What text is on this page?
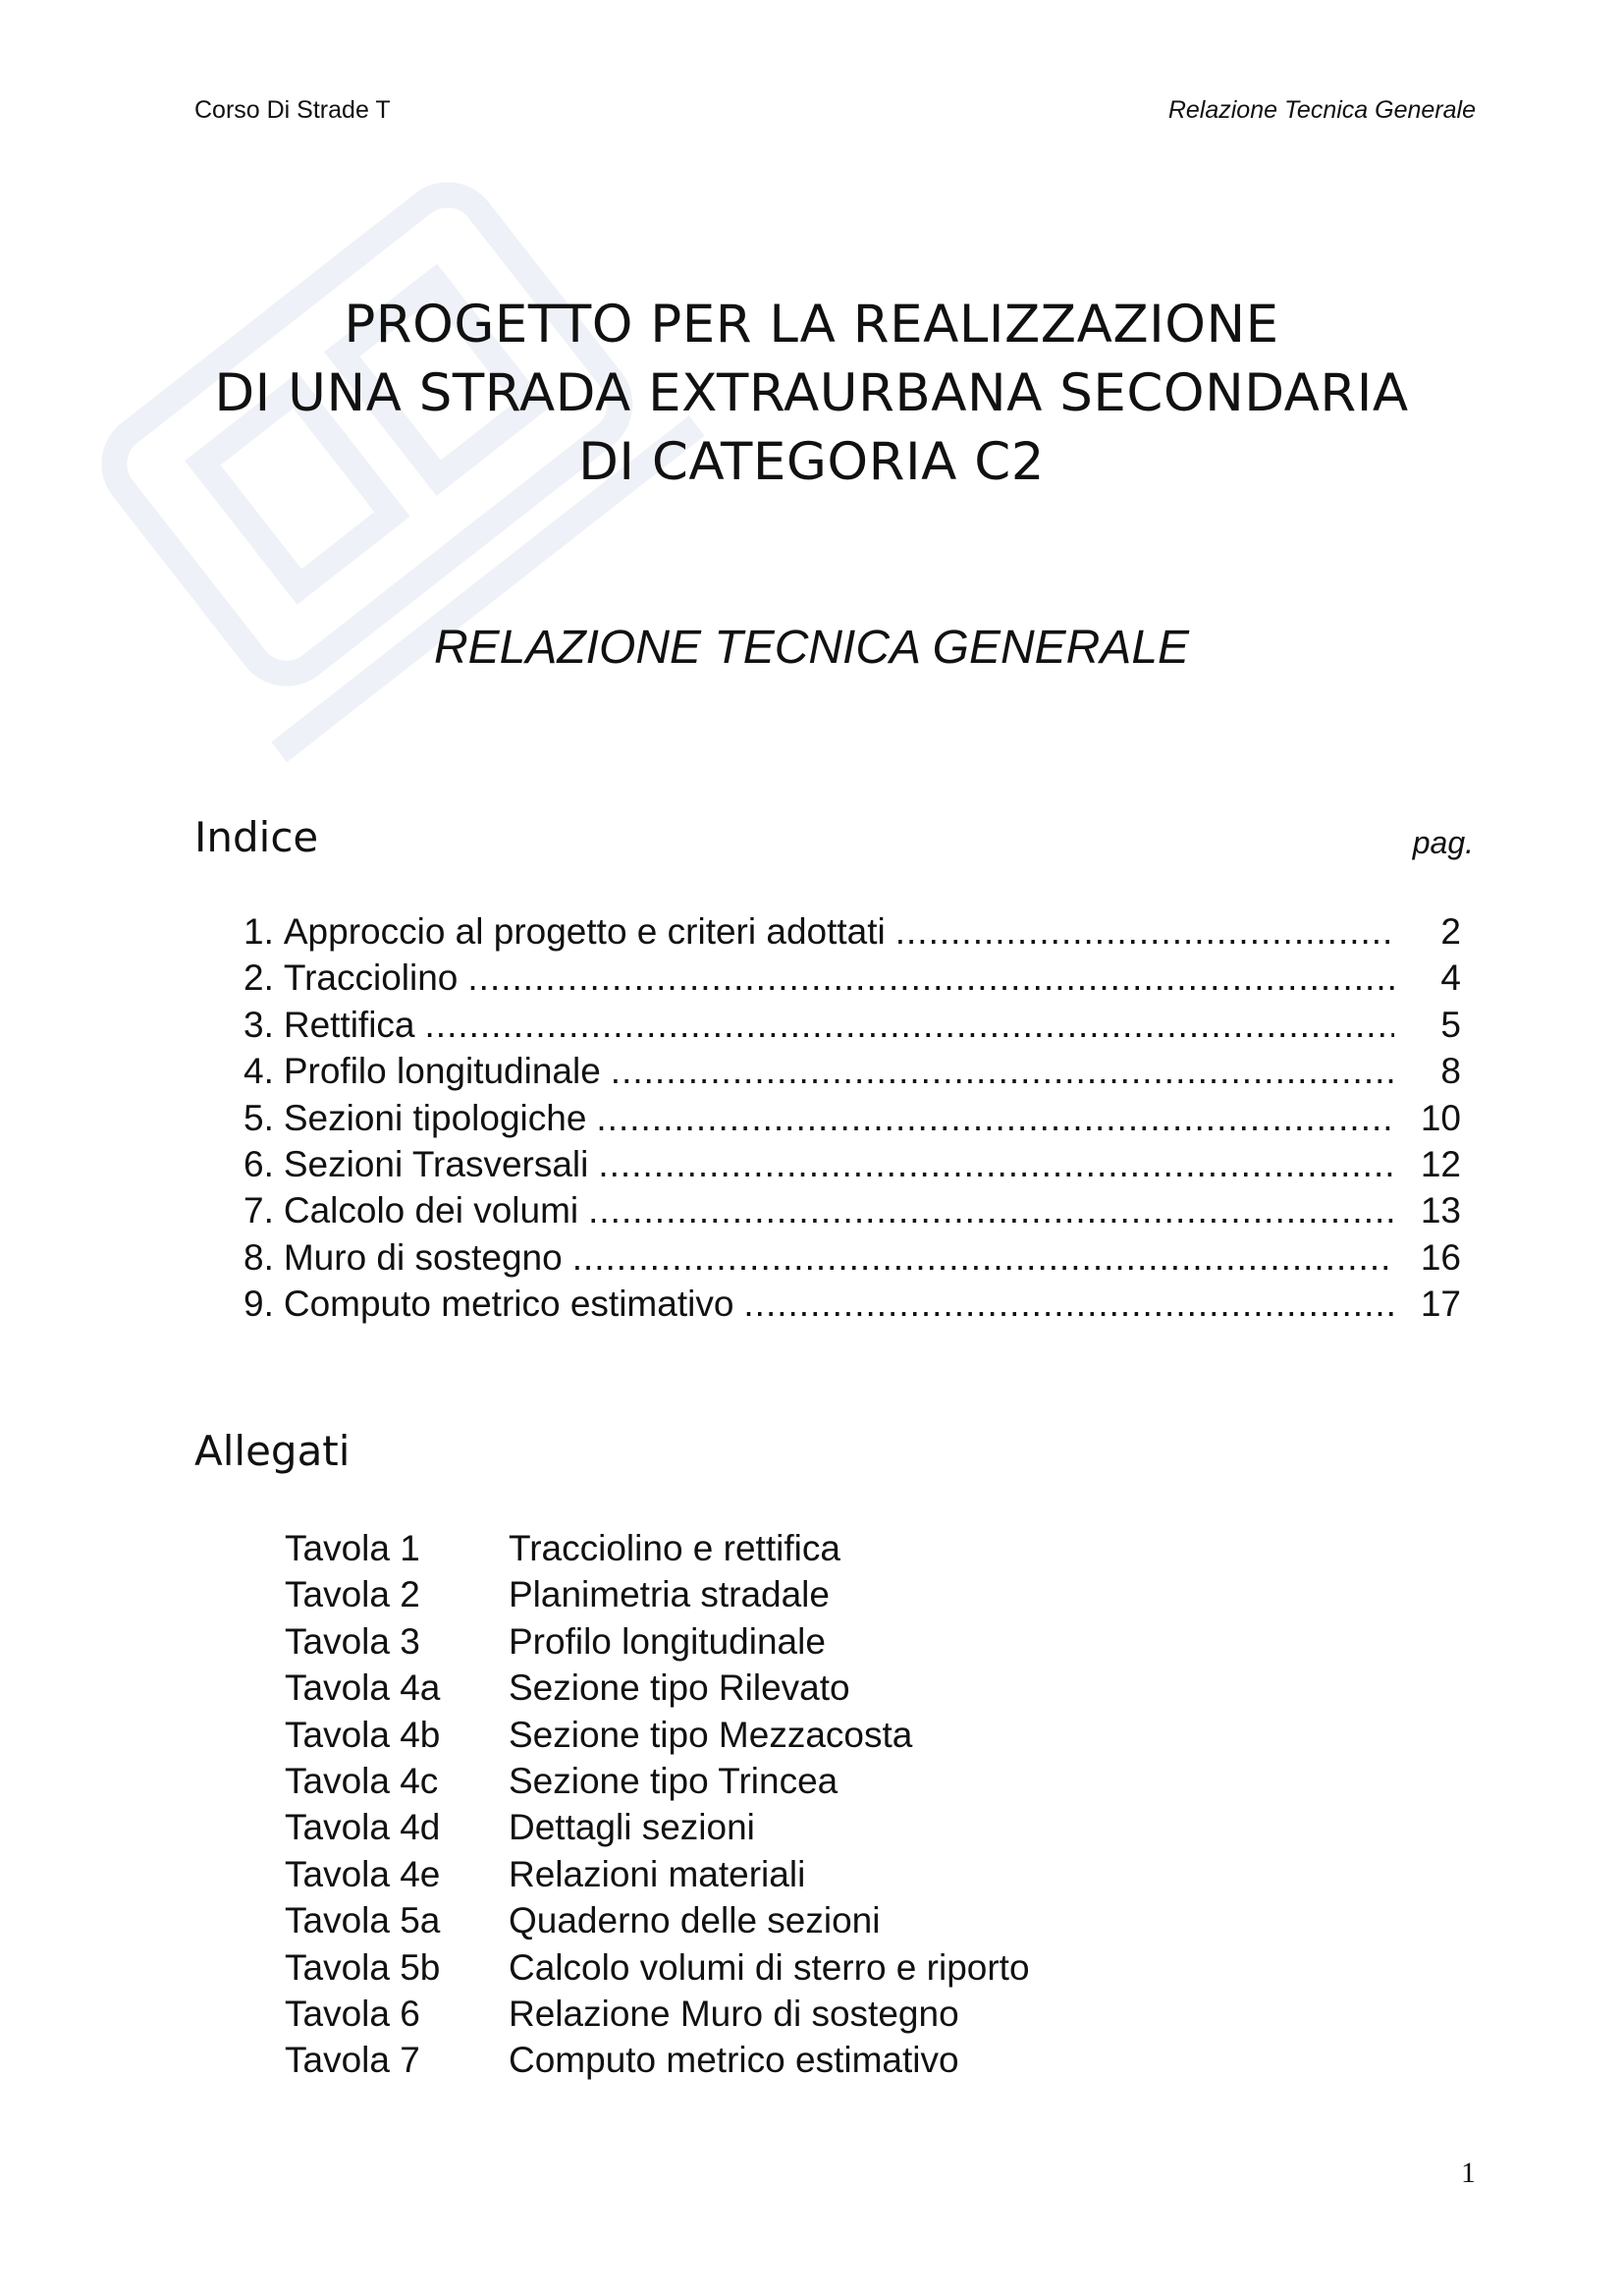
Corso Di Strade T	Relazione Tecnica Generale
PROGETTO PER LA REALIZZAZIONE
DI UNA STRADA EXTRAURBANA SECONDARIA
DI CATEGORIA C2
RELAZIONE TECNICA GENERALE
Indice	pag.
1. Approccio al progetto e criteri adottati .....	2
2. Tracciolino .....	4
3. Rettifica .....	5
4. Profilo longitudinale .....	8
5. Sezioni tipologiche .....	10
6. Sezioni Trasversali .....	12
7. Calcolo dei volumi .....	13
8. Muro di sostegno .....	16
9. Computo metrico estimativo .....	17
Allegati
Tavola 1	Tracciolino e rettifica
Tavola 2	Planimetria stradale
Tavola 3	Profilo longitudinale
Tavola 4a	Sezione tipo Rilevato
Tavola 4b	Sezione tipo Mezzacosta
Tavola 4c	Sezione tipo Trincea
Tavola 4d	Dettagli sezioni
Tavola 4e	Relazioni materiali
Tavola 5a	Quaderno delle sezioni
Tavola 5b	Calcolo volumi di sterro e riporto
Tavola 6	Relazione Muro di sostegno
Tavola 7	Computo metrico estimativo
1
